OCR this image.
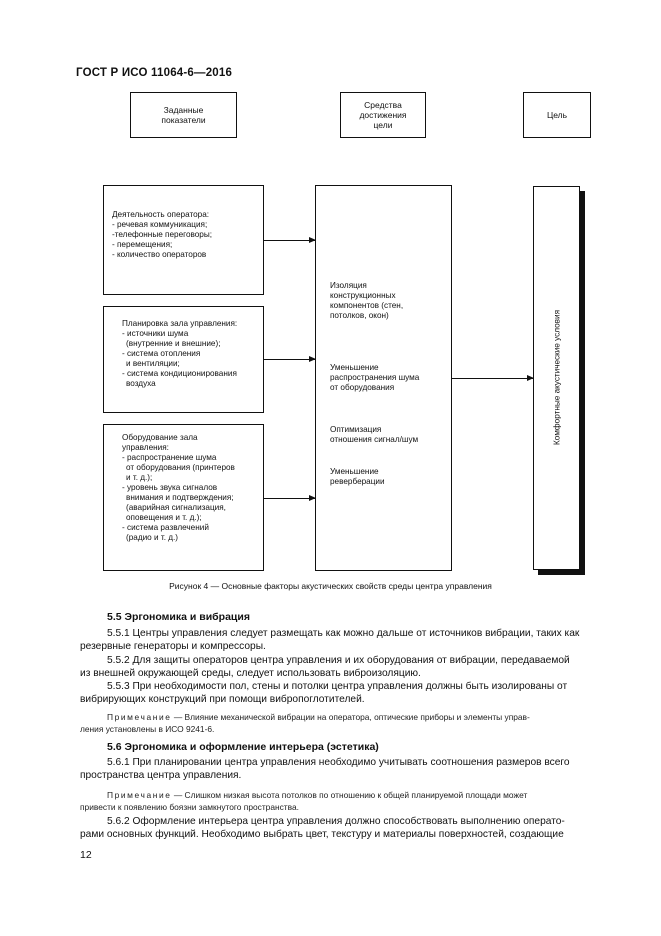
ГОСТ Р ИСО 11064-6—2016
Заданные показатели
Средства достижения цели
Цель
Деятельность оператора:
- речевая коммуникация;
-телефонные переговоры;
- перемещения;
- количество операторов
Планировка зала управления:
- источники шума
(внутренние и внешние);
- система отопления
и вентиляции;
- система кондиционирования
воздуха
Оборудование зала
управления:
- распространение шума
от оборудования (принтеров
и т. д.);
- уровень звука сигналов
внимания и подтверждения;
(аварийная сигнализация,
оповещения и т. д.);
- система развлечений
(радио и т. д.)
Изоляция
конструкционных
компонентов (стен,
потолков, окон)
Уменьшение
распространения шума
от оборудования
Оптимизация
отношения сигнал/шум
Уменьшение
реверберации
Комфортные акустические условия
Рисунок 4 — Основные факторы акустических свойств среды центра управления
5.5 Эргономика и вибрация
5.5.1 Центры управления следует размещать как можно дальше от источников вибрации, таких как
резервные генераторы и компрессоры.
5.5.2 Для защиты операторов центра управления и их оборудования от вибрации, передаваемой
из внешней окружающей среды, следует использовать виброизоляцию.
5.5.3 При необходимости пол, стены и потолки центра управления должны быть изолированы от
вибрирующих конструкций при помощи вибропоглотителей.
Примечание — Влияние механической вибрации на оператора, оптические приборы и элементы управ-
ления установлены в ИСО 9241-6.
5.6 Эргономика и оформление интерьера (эстетика)
5.6.1 При планировании центра управления необходимо учитывать соотношения размеров всего
пространства центра управления.
Примечание — Слишком низкая высота потолков по отношению к общей планируемой площади может
привести к появлению боязни замкнутого пространства.
5.6.2 Оформление интерьера центра управления должно способствовать выполнению операто-
рами основных функций. Необходимо выбрать цвет, текстуру и материалы поверхностей, создающие
12
